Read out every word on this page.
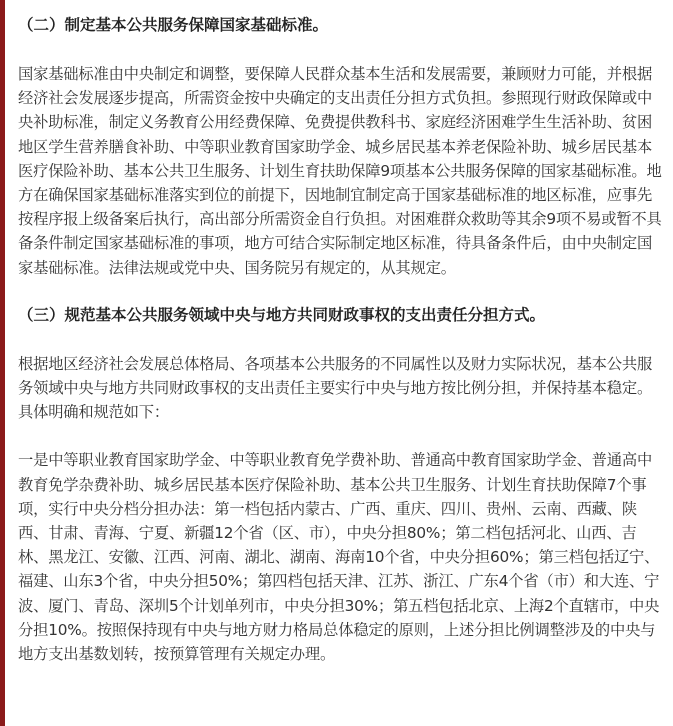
（二）制定基本公共服务保障国家基础标准。

国家基础标准由中央制定和调整，要保障人民群众基本生活和发展需要，兼顾财力可能，并根据经济社会发展逐步提高，所需资金按中央确定的支出责任分担方式负担。参照现行财政保障或中央补助标准，制定义务教育公用经费保障、免费提供教科书、家庭经济困难学生生活补助、贫困地区学生营养膳食补助、中等职业教育国家助学金、城乡居民基本养老保险补助、城乡居民基本医疗保险补助、基本公共卫生服务、计划生育扶助保障9项基本公共服务保障的国家基础标准。地方在确保国家基础标准落实到位的前提下，因地制宜制定高于国家基础标准的地区标准，应事先按程序报上级备案后执行，高出部分所需资金自行负担。对困难群众救助等其余9项不易或暂不具备条件制定国家基础标准的事项，地方可结合实际制定地区标准，待具备条件后，由中央制定国家基础标准。法律法规或党中央、国务院另有规定的，从其规定。

（三）规范基本公共服务领域中央与地方共同财政事权的支出责任分担方式。

根据地区经济社会发展总体格局、各项基本公共服务的不同属性以及财力实际状况，基本公共服务领域中央与地方共同财政事权的支出责任主要实行中央与地方按比例分担，并保持基本稳定。具体明确和规范如下：

一是中等职业教育国家助学金、中等职业教育免学费补助、普通高中教育国家助学金、普通高中教育免学杂费补助、城乡居民基本医疗保险补助、基本公共卫生服务、计划生育扶助保障7个事项，实行中央分档分担办法：第一档包括内蒙古、广西、重庆、四川、贵州、云南、西藏、陕西、甘肃、青海、宁夏、新疆12个省（区、市），中央分担80%；第二档包括河北、山西、吉林、黑龙江、安徽、江西、河南、湖北、湖南、海南10个省，中央分担60%；第三档包括辽宁、福建、山东3个省，中央分担50%；第四档包括天津、江苏、浙江、广东4个省（市）和大连、宁波、厦门、青岛、深圳5个计划单列市，中央分担30%；第五档包括北京、上海2个直辖市，中央分担10%。按照保持现有中央与地方财力格局总体稳定的原则，上述分担比例调整涉及的中央与地方支出基数划转，按预算管理有关规定办理。
